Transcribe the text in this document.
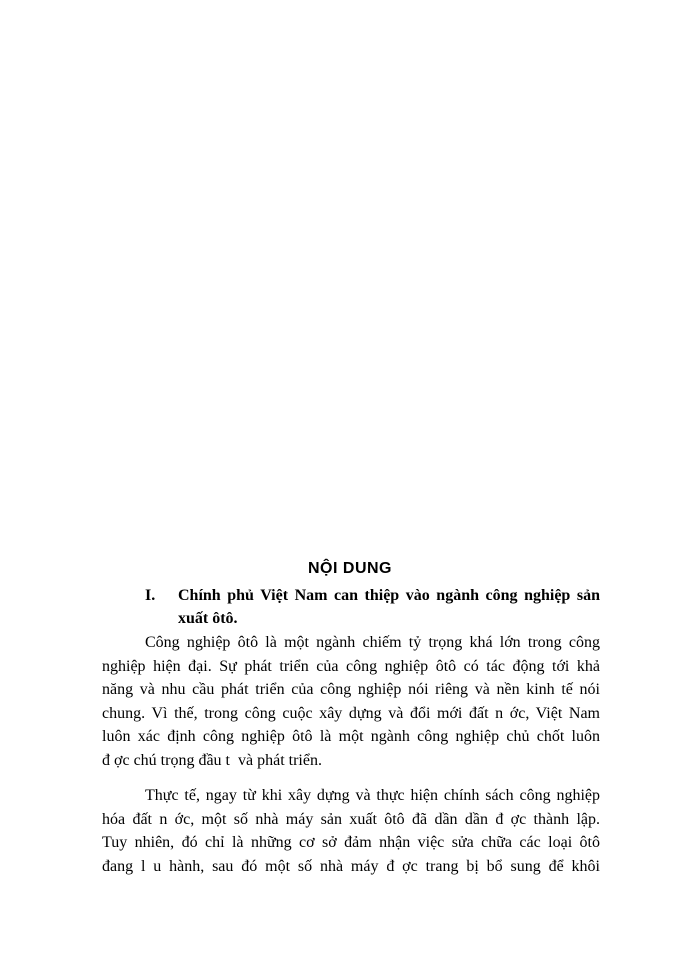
NỘI DUNG
I. Chính phủ Việt Nam can thiệp vào ngành công nghiệp sản
xuất ôtô.

Công nghiệp ôtô là một ngành chiếm tỷ trọng khá lớn trong công
nghiệp hiện đại. Sự phát triển của công nghiệp ôtô có tác động tới khả
năng và nhu cầu phát triển của công nghiệp nói riêng và nền kinh tế nói
chung. Vì thế, trong công cuộc xây dựng và đổi mới đất n ớc, Việt Nam
luôn xác định công nghiệp ôtô là một ngành công nghiệp chủ chốt luôn
đ ợc chú trọng đầu t  và phát triển.

Thực tế, ngay từ khi xây dựng và thực hiện chính sách công nghiệp
hóa đất n ớc, một số nhà máy sản xuất ôtô đã dần dần đ ợc thành lập.
Tuy nhiên, đó chỉ là những cơ sở đảm nhận việc sửa chữa các loại ôtô
đang l u hành, sau đó một số nhà máy đ ợc trang bị bổ sung để khôi
